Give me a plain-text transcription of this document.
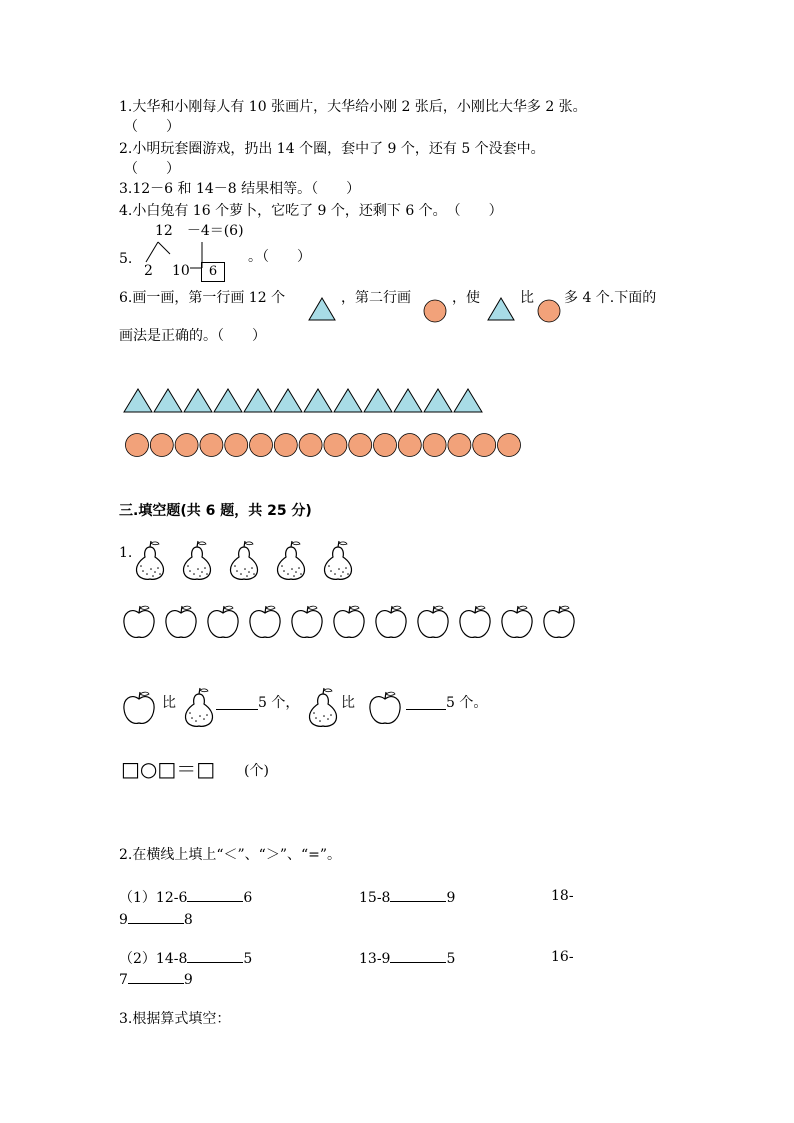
1.大华和小刚每人有 10 张画片，大华给小刚 2 张后，小刚比大华多 2 张。
（　　）
2.小明玩套圈游戏，扔出 14 个圈，套中了 9 个，还有 5 个没套中。
（　　）
3.12－6 和 14－8 结果相等。（　　）
4.小白兔有 16 个萝卜，它吃了 9 个，还剩下 6 个。　（　　）
12　－4＝(6)
5.
2 10	6
。（　　）
6.画一画，第一行画 12 个	，第二行画	，使	比 多 4 个.下面的
画法是正确的。（　　）
三.填空题(共 6 题，共 25 分)
1.
比	5 个，	比	5 个。
□○□＝□ (个)
2.在横线上填上“＜”、“＞”、“=”。
（1）12-6	6	15-8	9	18-
9	8
（2）14-8	5	13-9	5	16-
7	9
3.根据算式填空：
